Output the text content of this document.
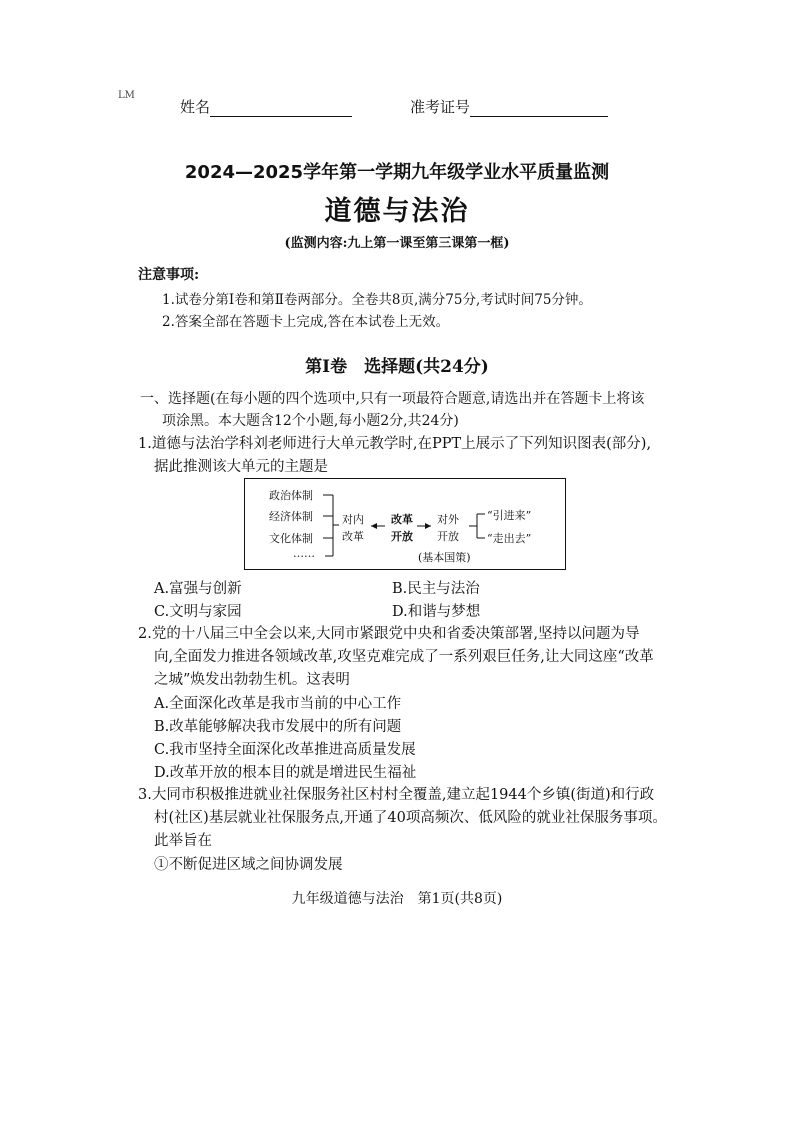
LM
姓名	准考证号
2024—2025学年第一学期九年级学业水平质量监测
道德与法治
(监测内容:九上第一课至第三课第一框)
注意事项:
1.试卷分第Ⅰ卷和第Ⅱ卷两部分。全卷共8页,满分75分,考试时间75分钟。
2.答案全部在答题卡上完成,答在本试卷上无效。
第Ⅰ卷　选择题(共24分)
一、选择题(在每小题的四个选项中,只有一项最符合题意,请选出并在答题卡上将该
项涂黑。本大题含12个小题,每小题2分,共24分)
1.道德与法治学科刘老师进行大单元教学时,在PPT上展示了下列知识图表(部分),
据此推测该大单元的主题是
政治体制
经济体制
文化体制
……
对内
改革
改革
开放
(基本国策)
对外
开放
“引进来”
“走出去”
A.富强与创新	B.民主与法治
C.文明与家园	D.和谐与梦想
2.党的十八届三中全会以来,大同市紧跟党中央和省委决策部署,坚持以问题为导
向,全面发力推进各领域改革,攻坚克难完成了一系列艰巨任务,让大同这座“改革
之城”焕发出勃勃生机。这表明
A.全面深化改革是我市当前的中心工作
B.改革能够解决我市发展中的所有问题
C.我市坚持全面深化改革推进高质量发展
D.改革开放的根本目的就是增进民生福祉
3.大同市积极推进就业社保服务社区村村全覆盖,建立起1944个乡镇(街道)和行政
村(社区)基层就业社保服务点,开通了40项高频次、低风险的就业社保服务事项。
此举旨在
①不断促进区域之间协调发展
九年级道德与法治　第1页(共8页)
